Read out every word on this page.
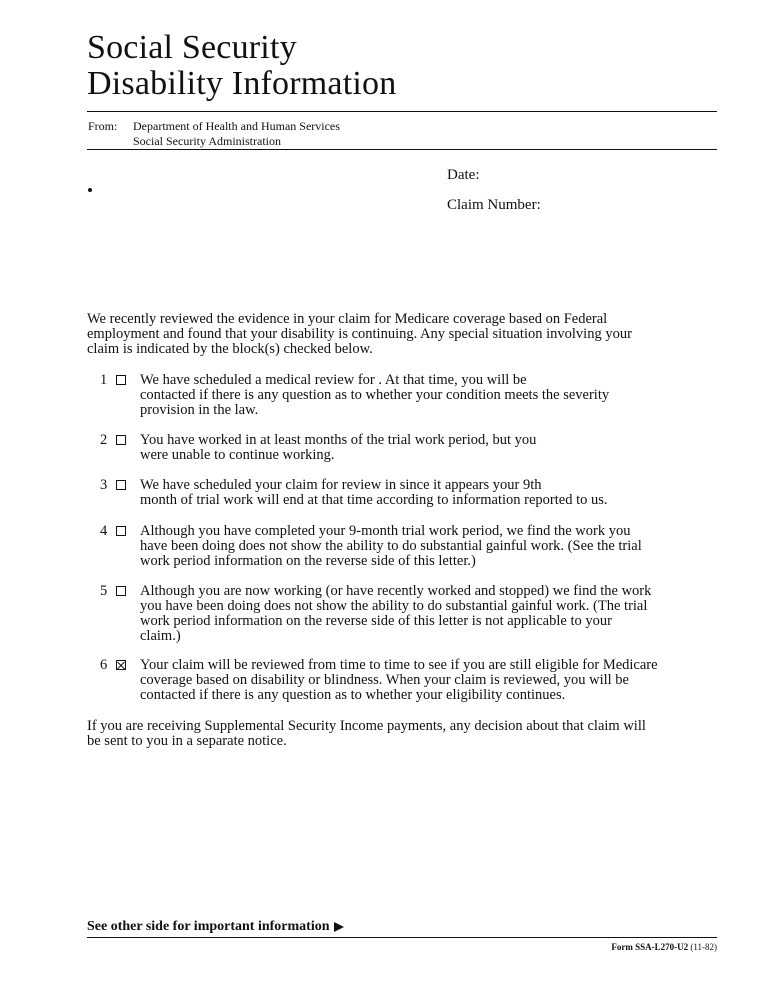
Social Security
Disability Information
From: Department of Health and Human Services
Social Security Administration
Date:
Claim Number:

We recently reviewed the evidence in your claim for Medicare coverage based on Federal
employment and found that your disability is continuing. Any special situation involving your
claim is indicated by the block(s) checked below.

1 We have scheduled a medical review for . At that time, you will be
contacted if there is any question as to whether your condition meets the severity
provision in the law.
2 You have worked in at least months of the trial work period, but you
were unable to continue working.
3 We have scheduled your claim for review in since it appears your 9th
month of trial work will end at that time according to information reported to us.
4 Although you have completed your 9-month trial work period, we find the work you
have been doing does not show the ability to do substantial gainful work. (See the trial
work period information on the reverse side of this letter.)
5 Although you are now working (or have recently worked and stopped) we find the work
you have been doing does not show the ability to do substantial gainful work. (The trial
work period information on the reverse side of this letter is not applicable to your
claim.)
6 Your claim will be reviewed from time to time to see if you are still eligible for Medicare
coverage based on disability or blindness. When your claim is reviewed, you will be
contacted if there is any question as to whether your eligibility continues.

If you are receiving Supplemental Security Income payments, any decision about that claim will
be sent to you in a separate notice.

See other side for important information
Form SSA-L270-U2 (11-82)
